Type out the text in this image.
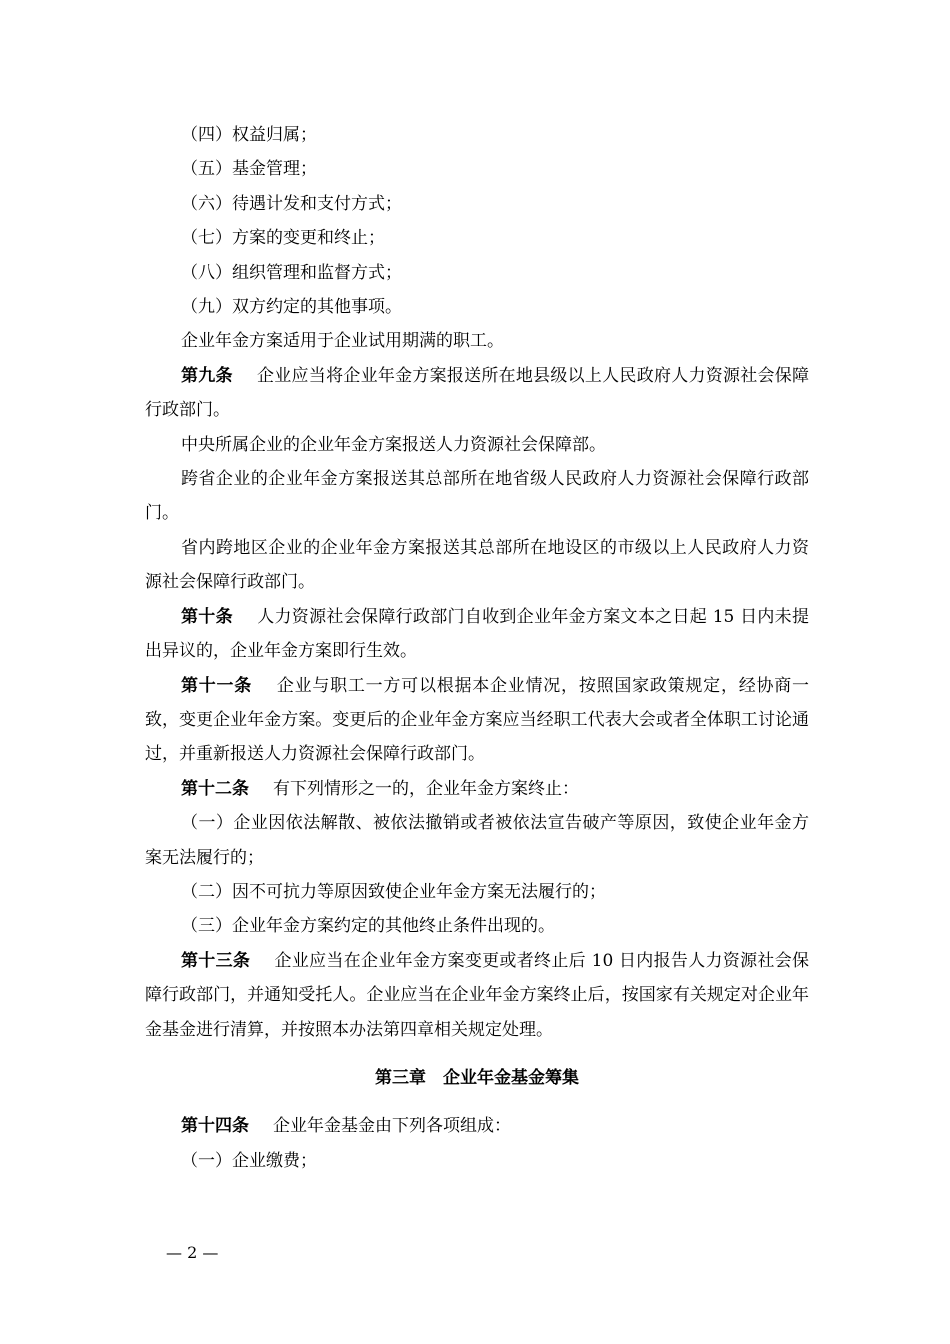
（四）权益归属；

（五）基金管理；

（六）待遇计发和支付方式；

（七）方案的变更和终止；

（八）组织管理和监督方式；

（九）双方约定的其他事项。

企业年金方案适用于企业试用期满的职工。

第九条 企业应当将企业年金方案报送所在地县级以上人民政府人力资源社会保障行政部门。

中央所属企业的企业年金方案报送人力资源社会保障部。

跨省企业的企业年金方案报送其总部所在地省级人民政府人力资源社会保障行政部门。

省内跨地区企业的企业年金方案报送其总部所在地设区的市级以上人民政府人力资源社会保障行政部门。

第十条 人力资源社会保障行政部门自收到企业年金方案文本之日起 15 日内未提出异议的，企业年金方案即行生效。

第十一条 企业与职工一方可以根据本企业情况，按照国家政策规定，经协商一致，变更企业年金方案。变更后的企业年金方案应当经职工代表大会或者全体职工讨论通过，并重新报送人力资源社会保障行政部门。

第十二条 有下列情形之一的，企业年金方案终止：

（一）企业因依法解散、被依法撤销或者被依法宣告破产等原因，致使企业年金方案无法履行的；

（二）因不可抗力等原因致使企业年金方案无法履行的；

（三）企业年金方案约定的其他终止条件出现的。

第十三条 企业应当在企业年金方案变更或者终止后 10 日内报告人力资源社会保障行政部门，并通知受托人。企业应当在企业年金方案终止后，按国家有关规定对企业年金基金进行清算，并按照本办法第四章相关规定处理。

第三章　企业年金基金筹集

第十四条 企业年金基金由下列各项组成：

（一）企业缴费；

— 2 —
